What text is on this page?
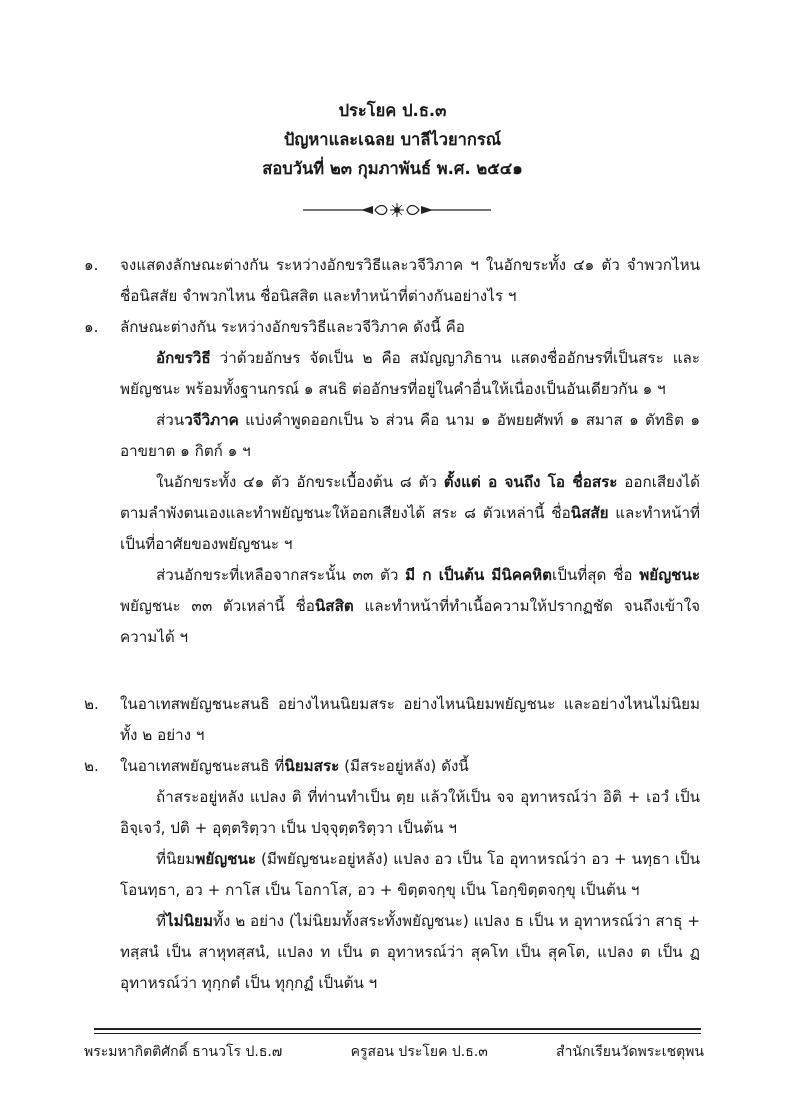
ประโยค ป.ธ.๓
ปัญหาและเฉลย บาลีไวยากรณ์
สอบวันที่ ๒๓ กุมภาพันธ์ พ.ศ. ๒๕๔๑

๑. จงแสดงลักษณะต่างกัน ระหว่างอักขรวิธีและวจีวิภาค ฯ ในอักขระทั้ง ๔๑ ตัว จำพวกไหน ชื่อนิสสัย จำพวกไหน ชื่อนิสสิต และทำหน้าที่ต่างกันอย่างไร ฯ

๑. ลักษณะต่างกัน ระหว่างอักขรวิธีและวจีวิภาค ดังนี้ คือ

อักขรวิธี ว่าด้วยอักษร จัดเป็น ๒ คือ สมัญญาภิธาน แสดงชื่ออักษรที่เป็นสระ และพยัญชนะ พร้อมทั้งฐานกรณ์ ๑ สนธิ ต่ออักษรที่อยู่ในคำอื่นให้เนื่องเป็นอันเดียวกัน ๑ ฯ

ส่วนวจีวิภาค แบ่งคำพูดออกเป็น ๖ ส่วน คือ นาม ๑ อัพยยศัพท์ ๑ สมาส ๑ ตัทธิต ๑ อาขยาต ๑ กิตก์ ๑ ฯ

ในอักขระทั้ง ๔๑ ตัว อักขระเบื้องต้น ๘ ตัว ตั้งแต่ อ จนถึง โอ ชื่อสระ ออกเสียงได้ตามลำพังตนเองและทำพยัญชนะให้ออกเสียงได้ สระ ๘ ตัวเหล่านี้ ชื่อนิสสัย และทำหน้าที่เป็นที่อาศัยของพยัญชนะ ฯ

ส่วนอักขระที่เหลือจากสระนั้น ๓๓ ตัว มี ก เป็นต้น มีนิคคหิตเป็นที่สุด ชื่อ พยัญชนะ พยัญชนะ ๓๓ ตัวเหล่านี้ ชื่อนิสสิต และทำหน้าที่ทำเนื้อความให้ปรากฏชัด จนถึงเข้าใจความได้ ฯ

๒. ในอาเทสพยัญชนะสนธิ อย่างไหนนิยมสระ อย่างไหนนิยมพยัญชนะ และอย่างไหนไม่นิยม ทั้ง ๒ อย่าง ฯ

๒. ในอาเทสพยัญชนะสนธิ ที่นิยมสระ (มีสระอยู่หลัง) ดังนี้

ถ้าสระอยู่หลัง แปลง ติ ที่ท่านทำเป็น ตฺย แล้วให้เป็น จจ อุทาหรณ์ว่า อิติ + เอวํ เป็น อิจฺเจวํ, ปติ + อุตฺตริตฺวา เป็น ปจฺจุตฺตริตฺวา เป็นต้น ฯ

ที่นิยมพยัญชนะ (มีพยัญชนะอยู่หลัง) แปลง อว เป็น โอ อุทาหรณ์ว่า อว + นทฺธา เป็น โอนทฺธา, อว + กาโส เป็น โอกาโส, อว + ขิตฺตจกฺขุ เป็น โอกฺขิตฺตจกฺขุ เป็นต้น ฯ

ที่ไม่นิยมทั้ง ๒ อย่าง (ไม่นิยมทั้งสระทั้งพยัญชนะ) แปลง ธ เป็น ห อุทาหรณ์ว่า สาธุ + ทสฺสนํ เป็น สาหุทสฺสนํ, แปลง ท เป็น ต อุทาหรณ์ว่า สุคโท เป็น สุคโต, แปลง ต เป็น ฏ อุทาหรณ์ว่า ทุกฺกตํ เป็น ทุกฺกฏํ เป็นต้น ฯ

พระมหากิตติศักดิ์ ธานวโร ป.ธ.๗	ครูสอน ประโยค ป.ธ.๓	สำนักเรียนวัดพระเชตุพน
